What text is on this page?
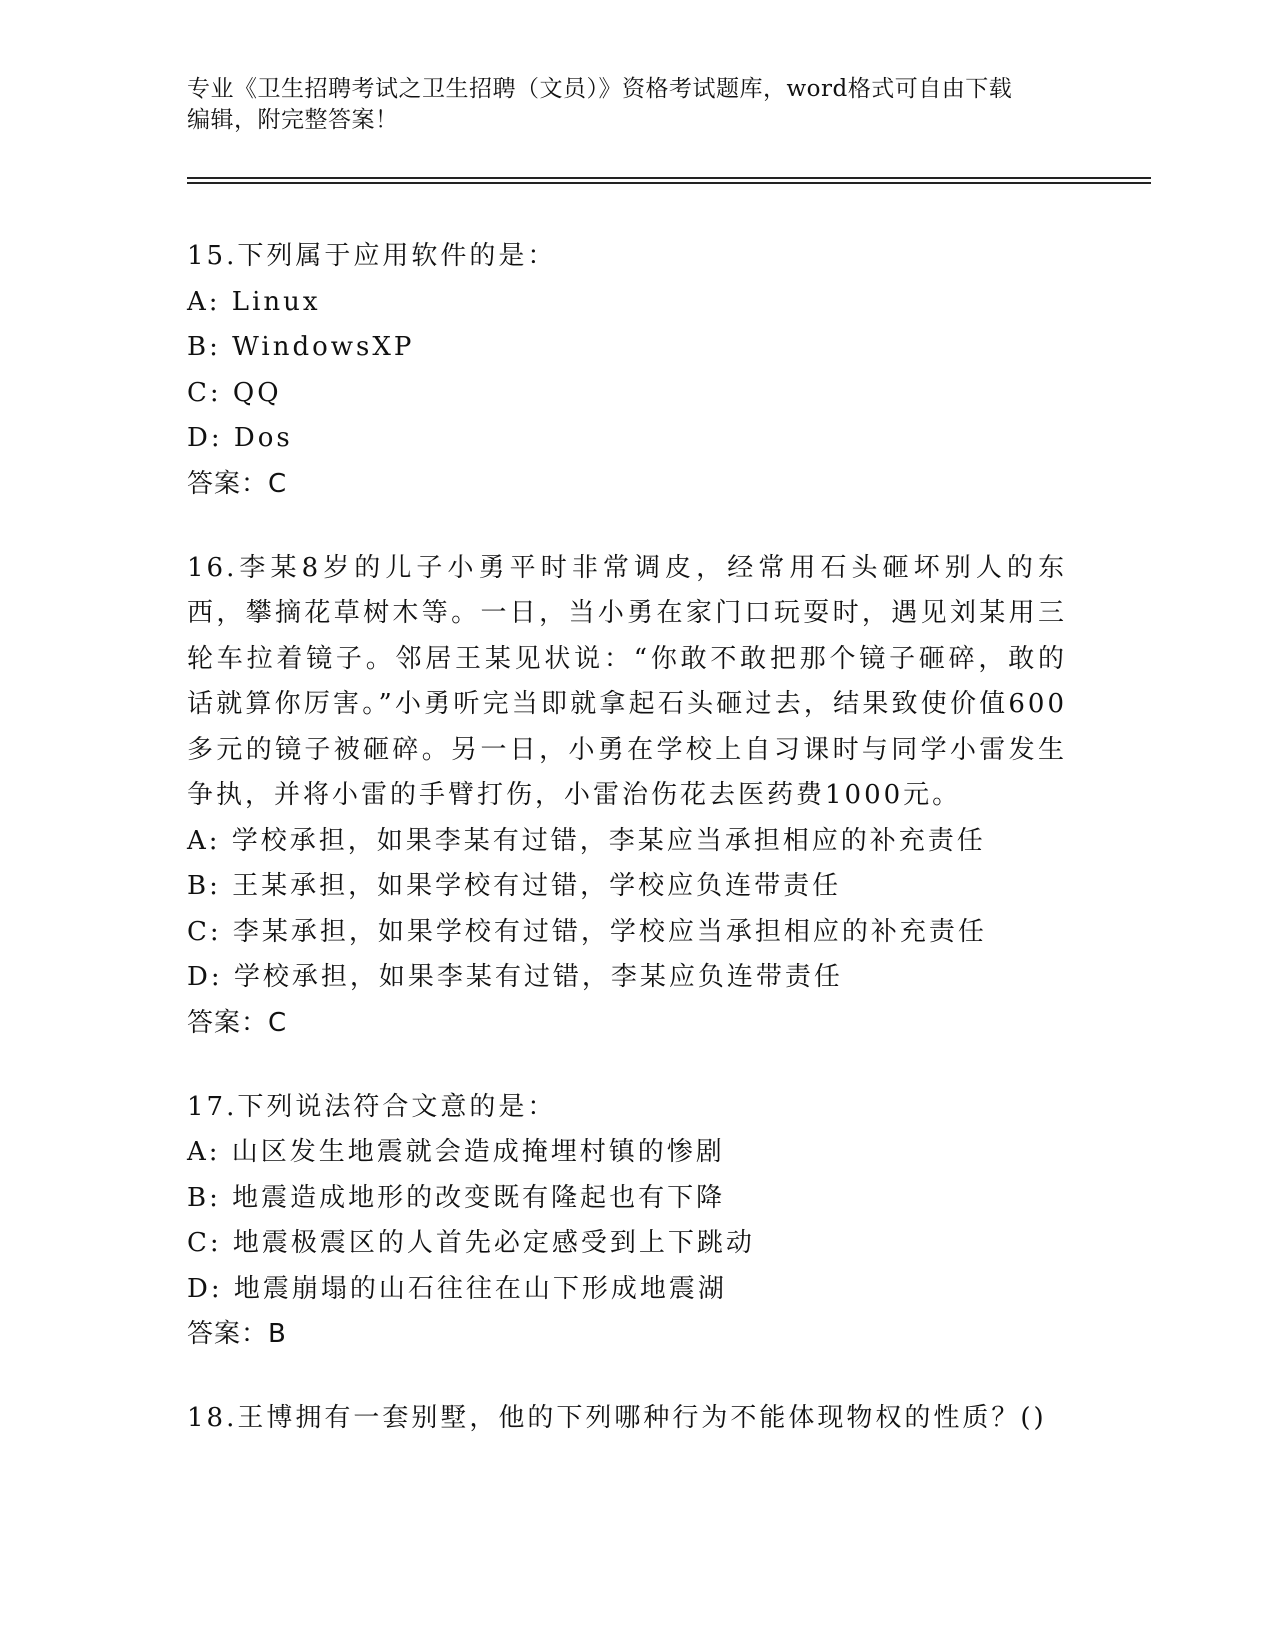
专业《卫生招聘考试之卫生招聘（文员）》资格考试题库，word格式可自由下载
编辑，附完整答案！
15.下列属于应用软件的是：
A: Linux
B: WindowsXP
C: QQ
D: Dos
答案：C
16.李某8岁的儿子小勇平时非常调皮，经常用石头砸坏别人的东西，攀摘花草树木等。一日，当小勇在家门口玩耍时，遇见刘某用三轮车拉着镜子。邻居王某见状说：“你敢不敢把那个镜子砸碎，敢的话就算你厉害。”小勇听完当即就拿起石头砸过去，结果致使价值600多元的镜子被砸碎。另一日，小勇在学校上自习课时与同学小雷发生争执，并将小雷的手臂打伤，小雷治伤花去医药费1000元。
A: 学校承担，如果李某有过错，李某应当承担相应的补充责任
B: 王某承担，如果学校有过错，学校应负连带责任
C: 李某承担，如果学校有过错，学校应当承担相应的补充责任
D: 学校承担，如果李某有过错，李某应负连带责任
答案：C
17.下列说法符合文意的是：
A: 山区发生地震就会造成掩埋村镇的惨剧
B: 地震造成地形的改变既有隆起也有下降
C: 地震极震区的人首先必定感受到上下跳动
D: 地震崩塌的山石往往在山下形成地震湖
答案：B
18.王博拥有一套别墅，他的下列哪种行为不能体现物权的性质？()
